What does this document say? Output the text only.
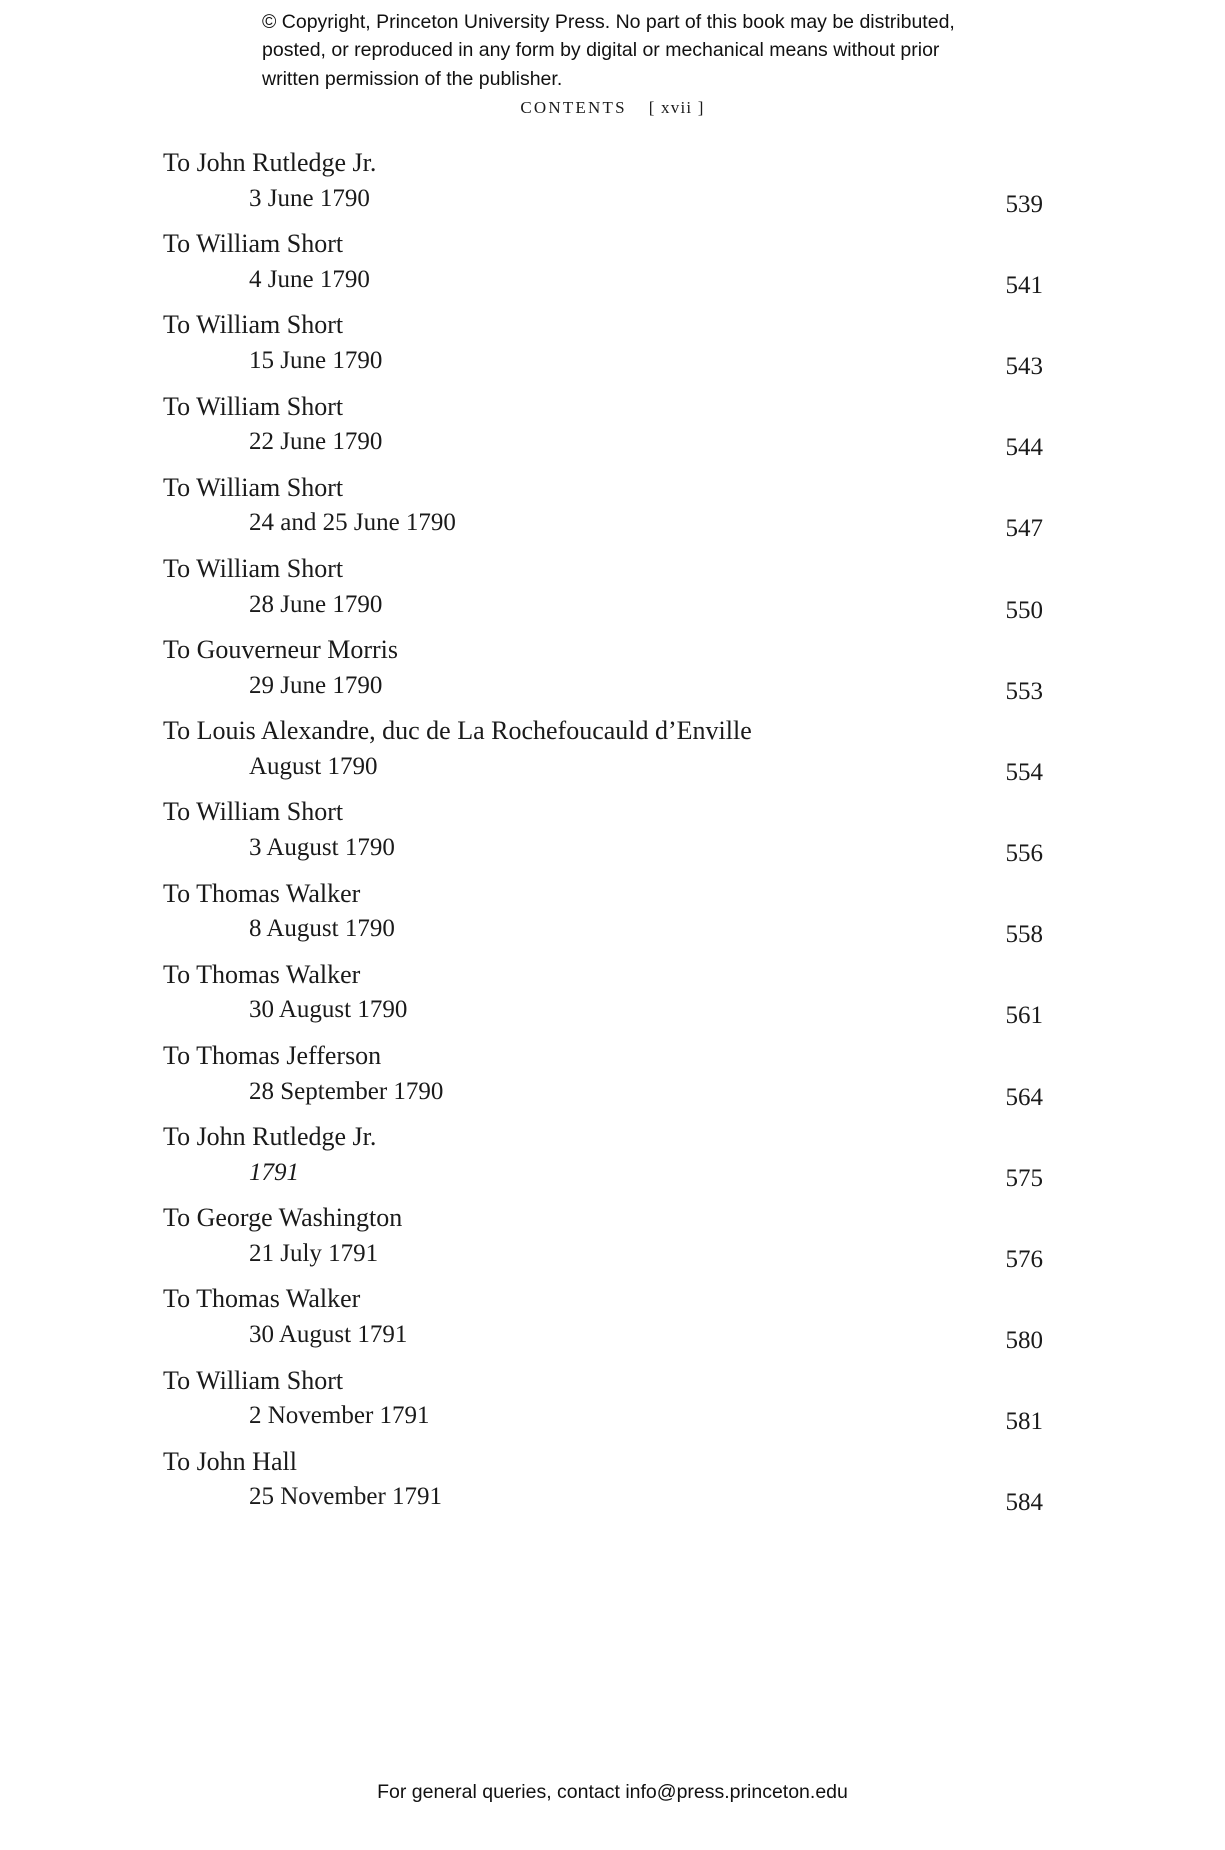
© Copyright, Princeton University Press. No part of this book may be distributed, posted, or reproduced in any form by digital or mechanical means without prior written permission of the publisher.
CONTENTS [ xvii ]
To John Rutledge Jr.
3 June 1790	539
To William Short
4 June 1790	541
To William Short
15 June 1790	543
To William Short
22 June 1790	544
To William Short
24 and 25 June 1790	547
To William Short
28 June 1790	550
To Gouverneur Morris
29 June 1790	553
To Louis Alexandre, duc de La Rochefoucauld d’Enville
August 1790	554
To William Short
3 August 1790	556
To Thomas Walker
8 August 1790	558
To Thomas Walker
30 August 1790	561
To Thomas Jefferson
28 September 1790	564
To John Rutledge Jr.
1791	575
To George Washington
21 July 1791	576
To Thomas Walker
30 August 1791	580
To William Short
2 November 1791	581
To John Hall
25 November 1791	584
For general queries, contact info@press.princeton.edu
